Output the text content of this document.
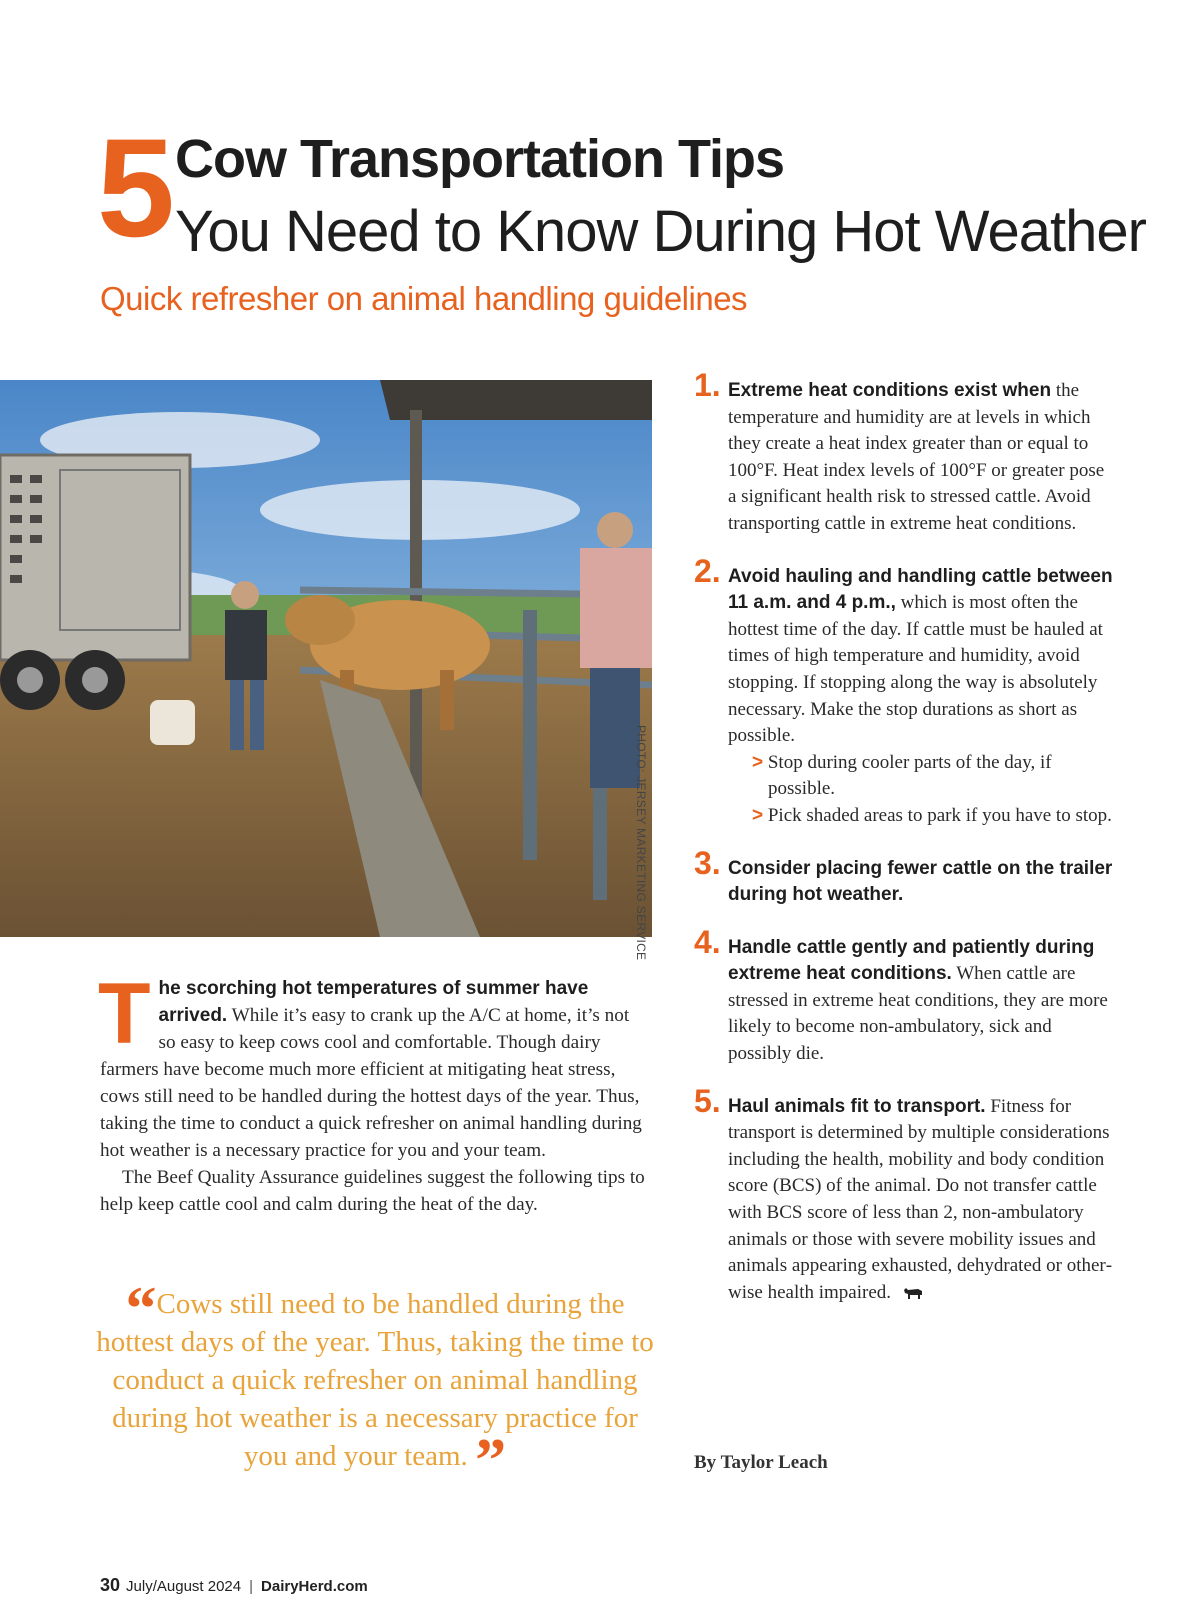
5 Cow Transportation Tips
You Need to Know During Hot Weather
Quick refresher on animal handling guidelines
PHOTO: JERSEY MARKETING SERVICE

The scorching hot temperatures of summer have arrived. While it’s easy to crank up the A/C at home, it’s not so easy to keep cows cool and comfortable. Though dairy farmers have become much more efficient at mitigating heat stress, cows still need to be handled during the hottest days of the year. Thus, taking the time to conduct a quick refresher on animal handling during hot weather is a necessary practice for you and your team.

The Beef Quality Assurance guidelines suggest the following tips to help keep cattle cool and calm during the heat of the day.

“Cows still need to be handled during the hottest days of the year. Thus, taking the time to conduct a quick refresher on animal handling during hot weather is a necessary practice for you and your team. ”
1. Extreme heat conditions exist when the temperature and humidity are at levels in which they create a heat index greater than or equal to 100°F. Heat index levels of 100°F or greater pose a significant health risk to stressed cattle. Avoid transporting cattle in extreme heat conditions.
2. Avoid hauling and handling cattle between 11 a.m. and 4 p.m., which is most often the hottest time of the day. If cattle must be hauled at times of high temperature and humidity, avoid stopping. If stopping along the way is absolutely necessary. Make the stop durations as short as possible.
> Stop during cooler parts of the day, if possible.
> Pick shaded areas to park if you have to stop.
3. Consider placing fewer cattle on the trailer during hot weather.
4. Handle cattle gently and patiently during extreme heat conditions. When cattle are stressed in extreme heat conditions, they are more likely to become non-ambulatory, sick and possibly die.
5. Haul animals fit to transport. Fitness for transport is determined by multiple considerations including the health, mobility and body condition score (BCS) of the animal. Do not transfer cattle with BCS score of less than 2, non-ambulatory animals or those with severe mobility issues and animals appearing exhausted, dehydrated or otherwise health impaired.
By Taylor Leach
30 July/August 2024 | DairyHerd.com
